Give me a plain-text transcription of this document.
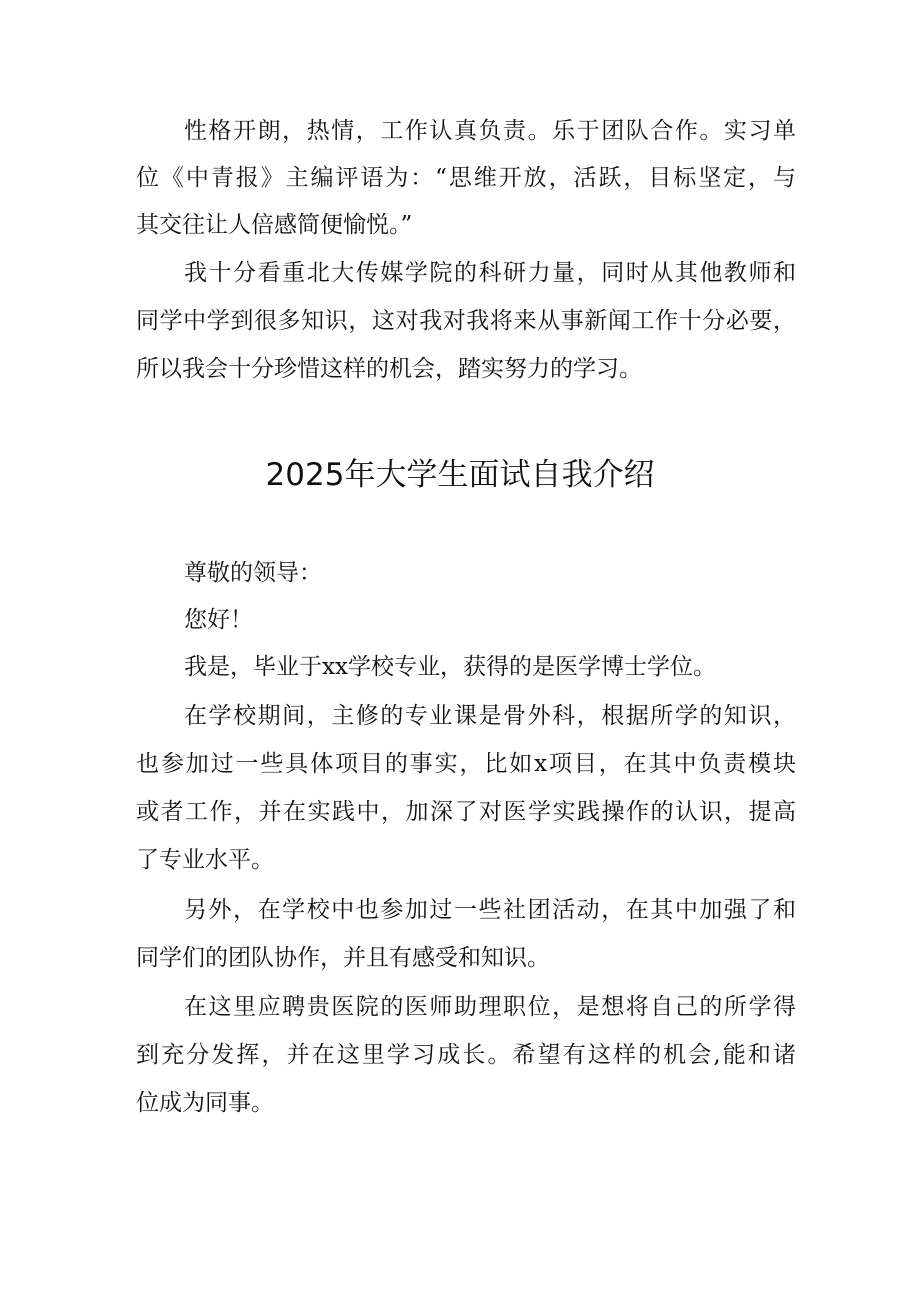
性格开朗，热情，工作认真负责。乐于团队合作。实习单
位《中青报》主编评语为：“思维开放，活跃，目标坚定，与
其交往让人倍感简便愉悦。”
我十分看重北大传媒学院的科研力量，同时从其他教师和
同学中学到很多知识，这对我对我将来从事新闻工作十分必要，
所以我会十分珍惜这样的机会，踏实努力的学习。
2025年大学生面试自我介绍
尊敬的领导：
您好！
我是，毕业于xx学校专业，获得的是医学博士学位。
在学校期间，主修的专业课是骨外科，根据所学的知识，
也参加过一些具体项目的事实，比如x项目，在其中负责模块
或者工作，并在实践中，加深了对医学实践操作的认识，提高
了专业水平。
另外，在学校中也参加过一些社团活动，在其中加强了和
同学们的团队协作，并且有感受和知识。
在这里应聘贵医院的医师助理职位，是想将自己的所学得
到充分发挥，并在这里学习成长。希望有这样的机会,能和诸
位成为同事。
